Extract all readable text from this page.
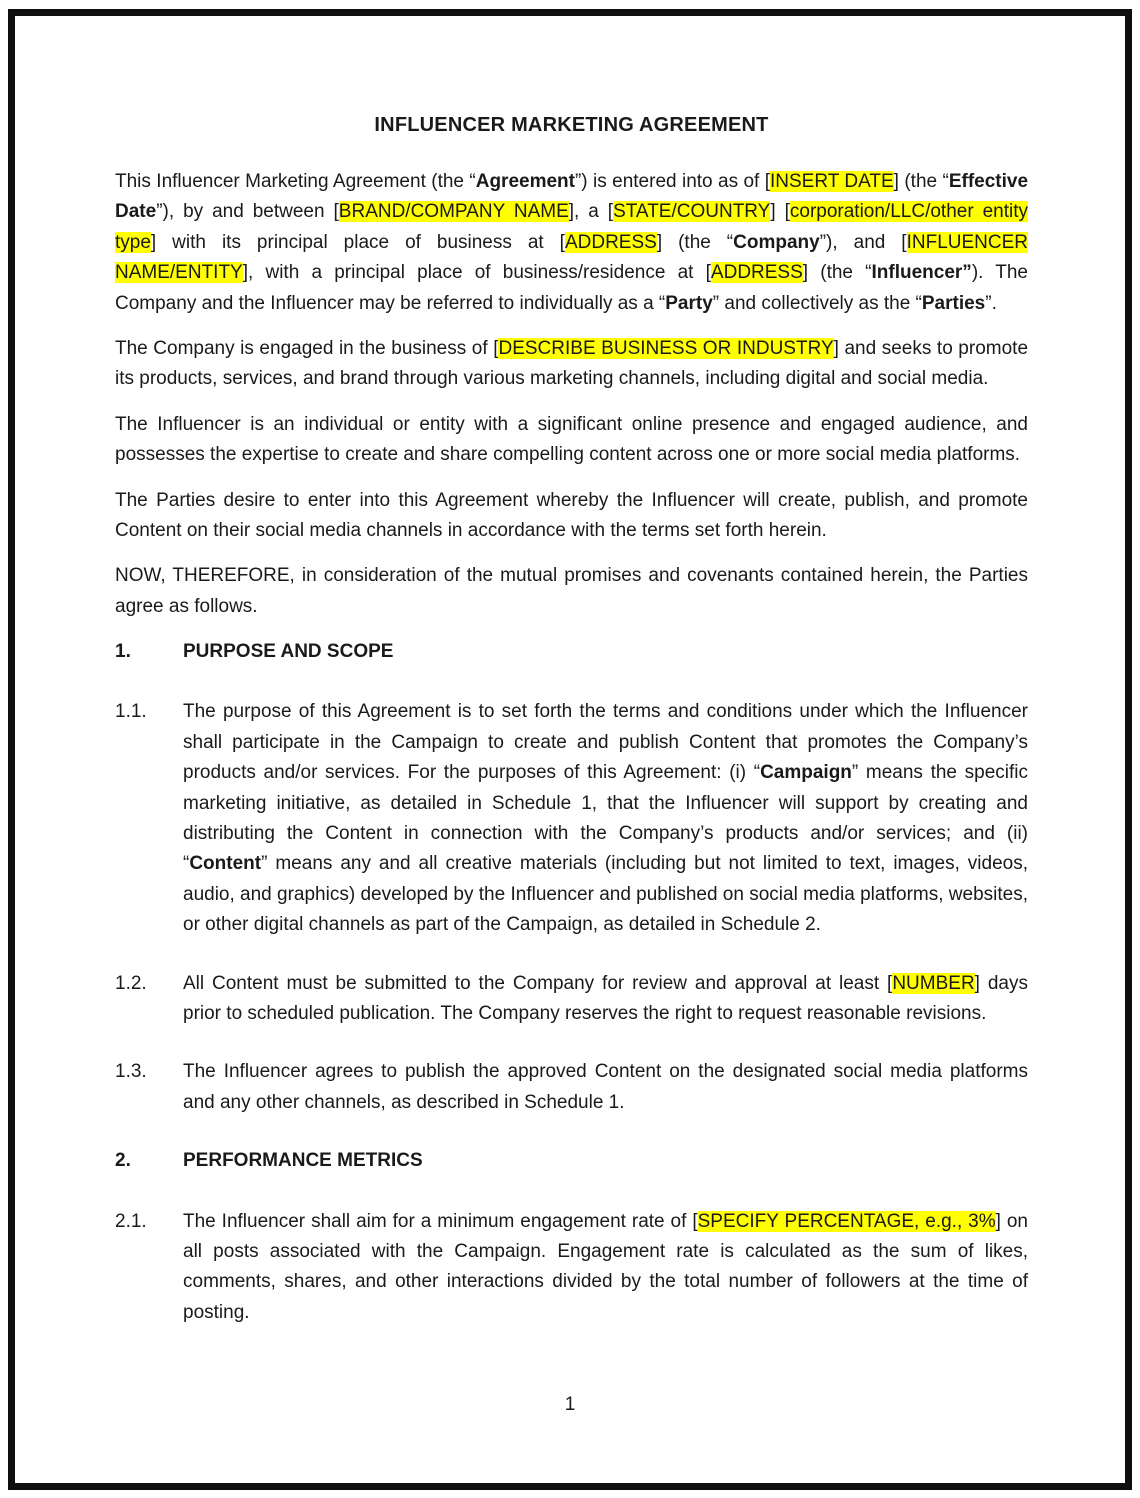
INFLUENCER MARKETING AGREEMENT
This Influencer Marketing Agreement (the “Agreement”) is entered into as of [INSERT DATE] (the “Effective Date”), by and between [BRAND/COMPANY NAME], a [STATE/COUNTRY] [corporation/LLC/other entity type] with its principal place of business at [ADDRESS] (the “Company”), and [INFLUENCER NAME/ENTITY], with a principal place of business/residence at [ADDRESS] (the “Influencer”). The Company and the Influencer may be referred to individually as a “Party” and collectively as the “Parties”.
The Company is engaged in the business of [DESCRIBE BUSINESS OR INDUSTRY] and seeks to promote its products, services, and brand through various marketing channels, including digital and social media.
The Influencer is an individual or entity with a significant online presence and engaged audience, and possesses the expertise to create and share compelling content across one or more social media platforms.
The Parties desire to enter into this Agreement whereby the Influencer will create, publish, and promote Content on their social media channels in accordance with the terms set forth herein.
NOW, THEREFORE, in consideration of the mutual promises and covenants contained herein, the Parties agree as follows.
1.	PURPOSE AND SCOPE
1.1. The purpose of this Agreement is to set forth the terms and conditions under which the Influencer shall participate in the Campaign to create and publish Content that promotes the Company’s products and/or services. For the purposes of this Agreement: (i) “Campaign” means the specific marketing initiative, as detailed in Schedule 1, that the Influencer will support by creating and distributing the Content in connection with the Company’s products and/or services; and (ii) “Content” means any and all creative materials (including but not limited to text, images, videos, audio, and graphics) developed by the Influencer and published on social media platforms, websites, or other digital channels as part of the Campaign, as detailed in Schedule 2.
1.2. All Content must be submitted to the Company for review and approval at least [NUMBER] days prior to scheduled publication. The Company reserves the right to request reasonable revisions.
1.3. The Influencer agrees to publish the approved Content on the designated social media platforms and any other channels, as described in Schedule 1.
2.	PERFORMANCE METRICS
2.1. The Influencer shall aim for a minimum engagement rate of [SPECIFY PERCENTAGE, e.g., 3%] on all posts associated with the Campaign. Engagement rate is calculated as the sum of likes, comments, shares, and other interactions divided by the total number of followers at the time of posting.
1
